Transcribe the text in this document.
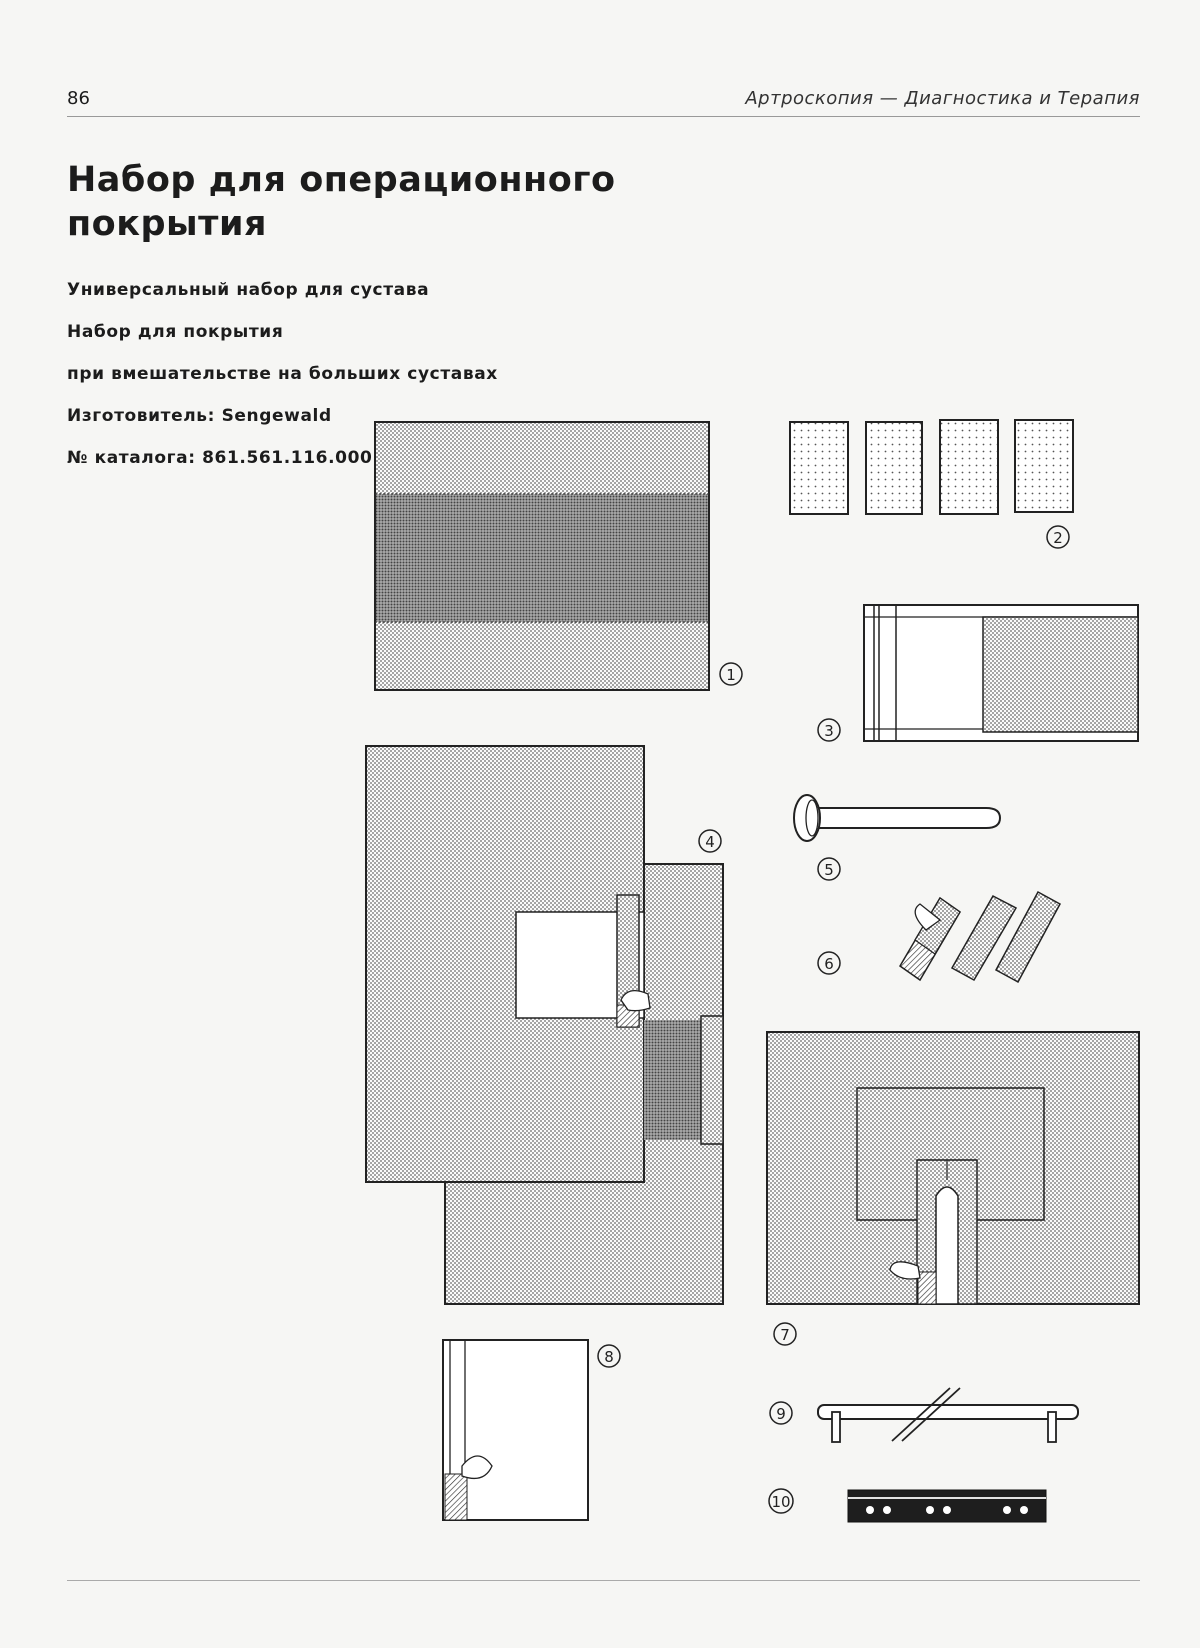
86	Артроскопия — Диагностика и Терапия
Набор для операционного
покрытия

Универсальный набор для сустава

Набор для покрытия

при вмешательстве на больших суставах

Изготовитель: Sengewald

№ каталога: 861.561.116.000

1
2
3
4
5
6
7
8
9
10
